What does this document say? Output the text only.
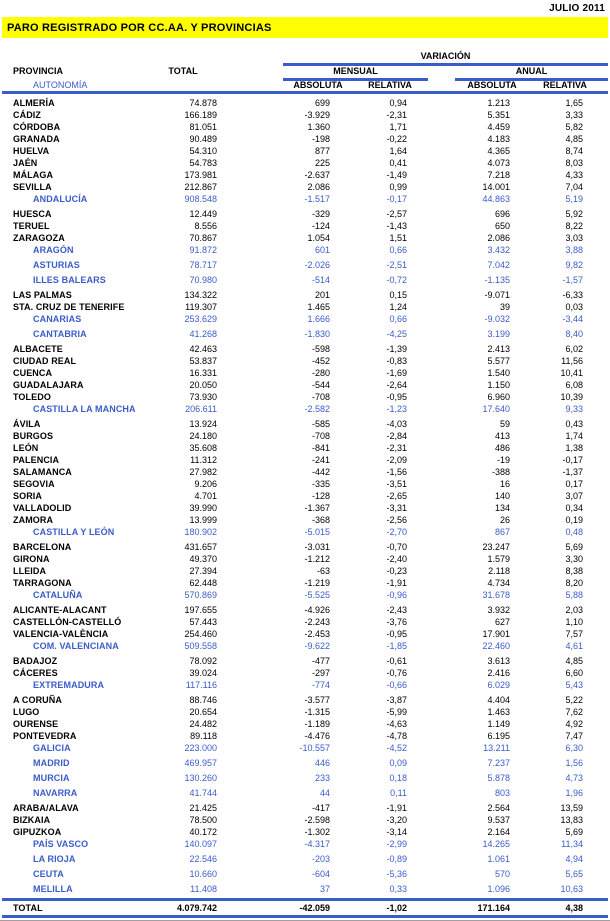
JULIO 2011
PARO REGISTRADO POR CC.AA. Y PROVINCIAS
VARIACIÓN
PROVINCIA	TOTAL	MENSUAL	ANUAL
ABSOLUTA	RELATIVA	ABSOLUTA	RELATIVA
AUTONOMÍA
ALMERÍA	74.878	699	0,94	1.213	1,65
CÁDIZ	166.189	-3.929	-2,31	5.351	3,33
CÓRDOBA	81.051	1.360	1,71	4.459	5,82
GRANADA	90.489	-198	-0,22	4.183	4,85
HUELVA	54.310	877	1,64	4.365	8,74
JAÉN	54.783	225	0,41	4.073	8,03
MÁLAGA	173.981	-2.637	-1,49	7.218	4,33
SEVILLA	212.867	2.086	0,99	14.001	7,04
ANDALUCÍA	908.548	-1.517	-0,17	44.863	5,19
HUESCA	12.449	-329	-2,57	696	5,92
TERUEL	8.556	-124	-1,43	650	8,22
ZARAGOZA	70.867	1.054	1,51	2.086	3,03
ARAGÓN	91.872	601	0,66	3.432	3,88
ASTURIAS	78.717	-2.026	-2,51	7.042	9,82
ILLES BALEARS	70.980	-514	-0,72	-1.135	-1,57
LAS PALMAS	134.322	201	0,15	-9.071	-6,33
STA. CRUZ DE TENERIFE	119.307	1.465	1,24	39	0,03
CANARIAS	253.629	1.666	0,66	-9.032	-3,44
CANTABRIA	41.268	-1.830	-4,25	3.199	8,40
ALBACETE	42.463	-598	-1,39	2.413	6,02
CIUDAD REAL	53.837	-452	-0,83	5.577	11,56
CUENCA	16.331	-280	-1,69	1.540	10,41
GUADALAJARA	20.050	-544	-2,64	1.150	6,08
TOLEDO	73.930	-708	-0,95	6.960	10,39
CASTILLA LA MANCHA	206.611	-2.582	-1,23	17.640	9,33
ÁVILA	13.924	-585	-4,03	59	0,43
BURGOS	24.180	-708	-2,84	413	1,74
LEÓN	35.608	-841	-2,31	486	1,38
PALENCIA	11.312	-241	-2,09	-19	-0,17
SALAMANCA	27.982	-442	-1,56	-388	-1,37
SEGOVIA	9.206	-335	-3,51	16	0,17
SORIA	4.701	-128	-2,65	140	3,07
VALLADOLID	39.990	-1.367	-3,31	134	0,34
ZAMORA	13.999	-368	-2,56	26	0,19
CASTILLA Y LEÓN	180.902	-5.015	-2,70	867	0,48
BARCELONA	431.657	-3.031	-0,70	23.247	5,69
GIRONA	49.370	-1.212	-2,40	1.579	3,30
LLEIDA	27.394	-63	-0,23	2.118	8,38
TARRAGONA	62.448	-1.219	-1,91	4.734	8,20
CATALUÑA	570.869	-5.525	-0,96	31.678	5,88
ALICANTE-ALACANT	197.655	-4.926	-2,43	3.932	2,03
CASTELLÓN-CASTELLÓ	57.443	-2.243	-3,76	627	1,10
VALENCIA-VALÈNCIA	254.460	-2.453	-0,95	17.901	7,57
COM. VALENCIANA	509.558	-9.622	-1,85	22.460	4,61
BADAJOZ	78.092	-477	-0,61	3.613	4,85
CÁCERES	39.024	-297	-0,76	2.416	6,60
EXTREMADURA	117.116	-774	-0,66	6.029	5,43
A CORUÑA	88.746	-3.577	-3,87	4.404	5,22
LUGO	20.654	-1.315	-5,99	1.463	7,62
OURENSE	24.482	-1.189	-4,63	1.149	4,92
PONTEVEDRA	89.118	-4.476	-4,78	6.195	7,47
GALICIA	223.000	-10.557	-4,52	13.211	6,30
MADRID	469.957	446	0,09	7.237	1,56
MURCIA	130.260	233	0,18	5.878	4,73
NAVARRA	41.744	44	0,11	803	1,96
ARABA/ALAVA	21.425	-417	-1,91	2.564	13,59
BIZKAIA	78.500	-2.598	-3,20	9.537	13,83
GIPUZKOA	40.172	-1.302	-3,14	2.164	5,69
PAÍS VASCO	140.097	-4.317	-2,99	14.265	11,34
LA RIOJA	22.546	-203	-0,89	1.061	4,94
CEUTA	10.660	-604	-5,36	570	5,65
MELILLA	11.408	37	0,33	1.096	10,63
TOTAL	4.079.742	-42.059	-1,02	171.164	4,38
